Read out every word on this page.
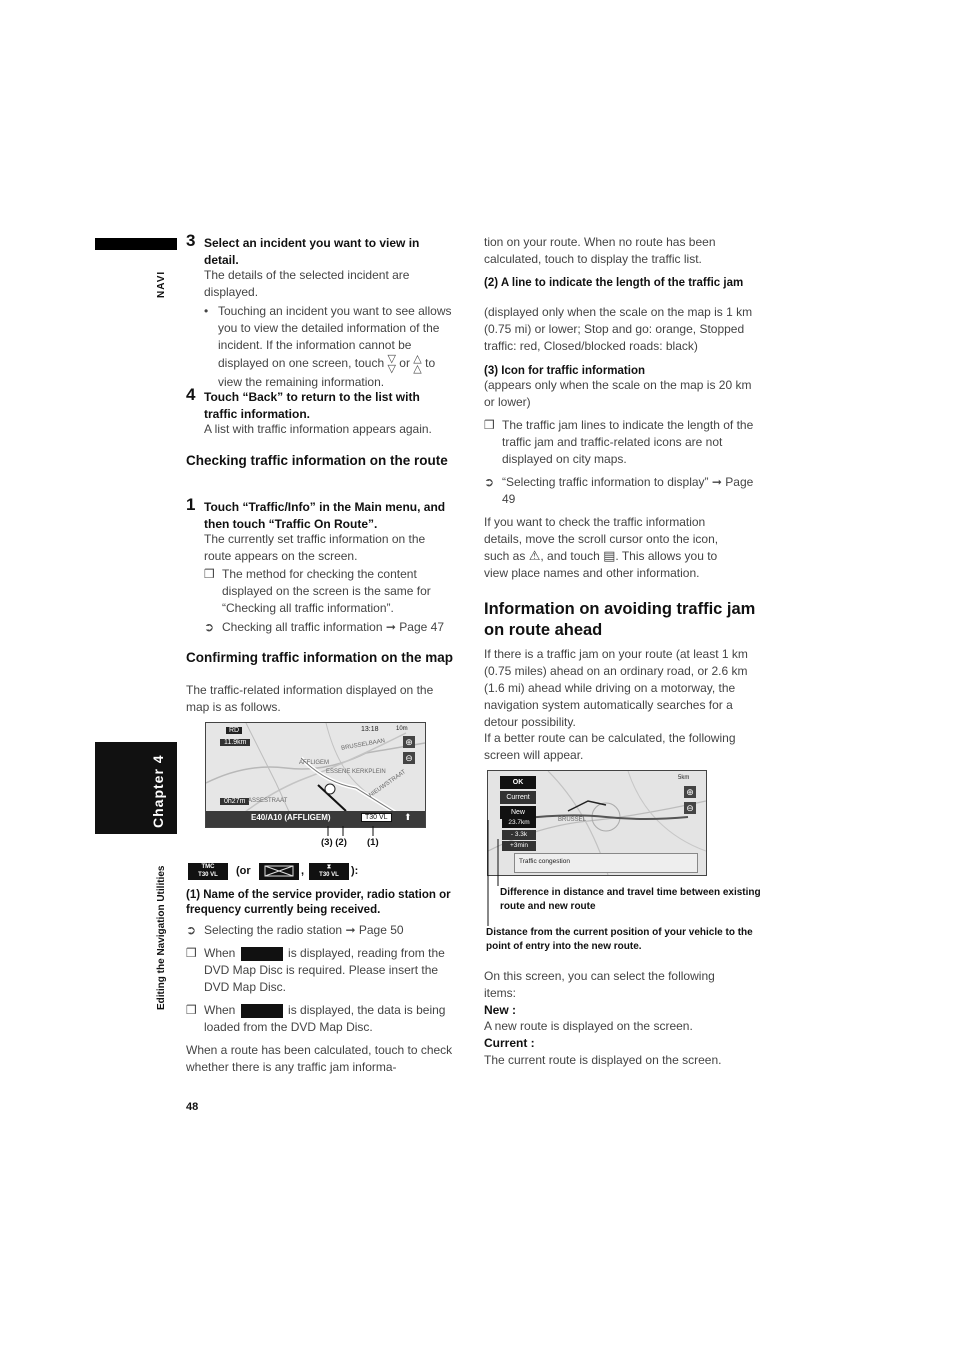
NAVI
Chapter 4
Editing the Navigation Utilities
3 Select an incident you want to view in detail.
The details of the selected incident are displayed.
• Touching an incident you want to see allows you to view the detailed information of the incident. If the information cannot be displayed on one screen, touch ▽
▽ or △
△ to view the remaining information.
4 Touch “Back” to return to the list with traffic information.
A list with traffic information appears again.
Checking traffic information on the route
1 Touch “Traffic/Info” in the Main menu, and then touch “Traffic On Route”.
The currently set traffic information on the route appears on the screen.
❒ The method for checking the content displayed on the screen is the same for “Checking all traffic information”.
➲ Checking all traffic information ➞ Page 47
Confirming traffic information on the map
The traffic-related information displayed on the map is as follows.
RD	13:18
11.9km
0h27m
BRUSSELBAAN
AFFLIGEM
ESSENE KERKPLEIN
NIEUWSTRAAT
ASSESTRAAT
10m
⊕
⊖
E40/A10 (AFFLIGEM)	T30 VL	⬆
(3) (2) (1)
TMC
T30 VL	(or	,	⧗
T30 VL	):
(1) Name of the service provider, radio station or frequency currently being received.
➲ Selecting the radio station ➞ Page 50
❒ When	is displayed, reading from the DVD Map Disc is required. Please insert the DVD Map Disc.
❒ When	is displayed, the data is being loaded from the DVD Map Disc.
When a route has been calculated, touch to check whether there is any traffic jam informa-
48
tion on your route. When no route has been calculated, touch to display the traffic list.
(2) A line to indicate the length of the traffic jam
(displayed only when the scale on the map is 1 km (0.75 mi) or lower; Stop and go: orange, Stopped traffic: red, Closed/blocked roads: black)
(3) Icon for traffic information
(appears only when the scale on the map is 20 km or lower)
❒ The traffic jam lines to indicate the length of the traffic jam and traffic-related icons are not displayed on city maps.
➲ “Selecting traffic information to display” ➞ Page 49
If you want to check the traffic information details, move the scroll cursor onto the icon, such as ⚠, and touch ▤. This allows you to view place names and other information.
Information on avoiding traffic jam on route ahead
If there is a traffic jam on your route (at least 1 km (0.75 miles) ahead on an ordinary road, or 2.6 km (1.6 mi) ahead while driving on a motorway, the navigation system automatically searches for a detour possibility.
If a better route can be calculated, the following screen will appear.
OK
Current
New
5km
⊕
⊖
BRUSSEL
23.7km
- 3.3k
+3min
Traffic congestion
Difference in distance and travel time between existing route and new route
Distance from the current position of your vehicle to the point of entry into the new route.
On this screen, you can select the following items:
New :
A new route is displayed on the screen.
Current :
The current route is displayed on the screen.
